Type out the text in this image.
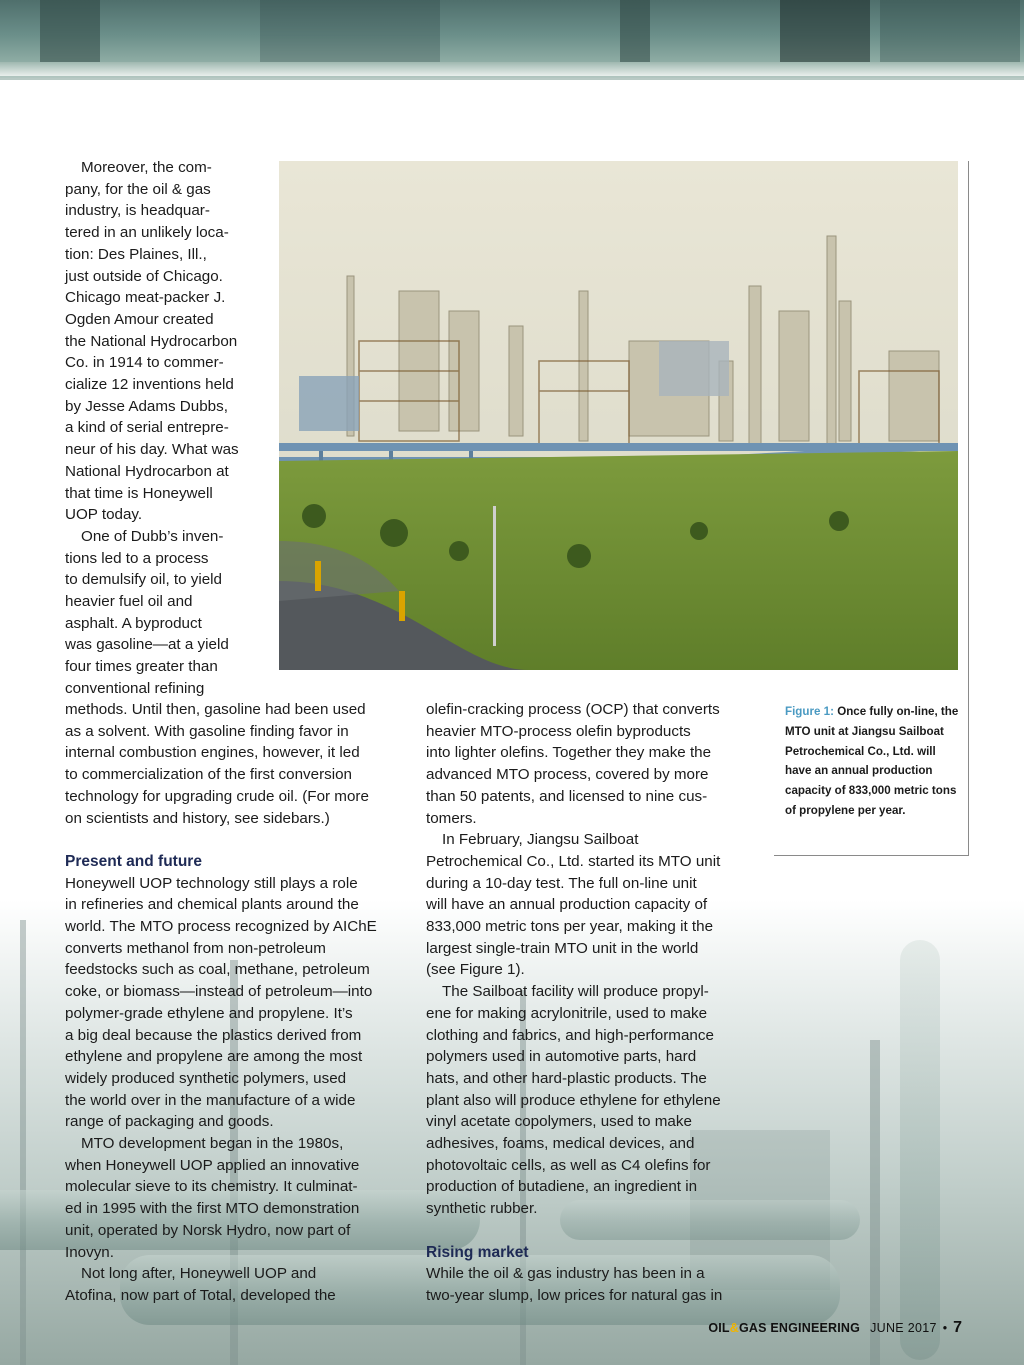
Figure 1: Once fully on-line, the MTO unit at Jiangsu Sailboat Petrochemical Co., Ltd. will have an annual production capacity of 833,000 metric tons of propylene per year.

Moreover, the com-

pany, for the oil & gas

industry, is headquar-

tered in an unlikely loca-

tion: Des Plaines, Ill.,

just outside of Chicago.

Chicago meat-packer J.

Ogden Amour created

the National Hydrocarbon

Co. in 1914 to commer-

cialize 12 inventions held

by Jesse Adams Dubbs,

a kind of serial entrepre-

neur of his day. What was

National Hydrocarbon at

that time is Honeywell

UOP today.

One of Dubb’s inven-

tions led to a process

to demulsify oil, to yield

heavier fuel oil and

asphalt. A byproduct

was gasoline—at a yield

four times greater than

conventional refining

methods. Until then, gasoline had been used

as a solvent. With gasoline finding favor in

internal combustion engines, however, it led

to commercialization of the first conversion

technology for upgrading crude oil. (For more

on scientists and history, see sidebars.)

Present and future

Honeywell UOP technology still plays a role

in refineries and chemical plants around the

world. The MTO process recognized by AIChE

converts methanol from non-petroleum

feedstocks such as coal, methane, petroleum

coke, or biomass—instead of petroleum—into

polymer-grade ethylene and propylene. It’s

a big deal because the plastics derived from

ethylene and propylene are among the most

widely produced synthetic polymers, used

the world over in the manufacture of a wide

range of packaging and goods.

MTO development began in the 1980s,

when Honeywell UOP applied an innovative

molecular sieve to its chemistry. It culminat-

ed in 1995 with the first MTO demonstration

unit, operated by Norsk Hydro, now part of

Inovyn.

Not long after, Honeywell UOP and

Atofina, now part of Total, developed the

olefin-cracking process (OCP) that converts

heavier MTO-process olefin byproducts

into lighter olefins. Together they make the

advanced MTO process, covered by more

than 50 patents, and licensed to nine cus-

tomers.

In February, Jiangsu Sailboat

Petrochemical Co., Ltd. started its MTO unit

during a 10-day test. The full on-line unit

will have an annual production capacity of

833,000 metric tons per year, making it the

largest single-train MTO unit in the world

(see Figure 1).

The Sailboat facility will produce propyl-

ene for making acrylonitrile, used to make

clothing and fabrics, and high-performance

polymers used in automotive parts, hard

hats, and other hard-plastic products. The

plant also will produce ethylene for ethylene

vinyl acetate copolymers, used to make

adhesives, foams, medical devices, and

photovoltaic cells, as well as C4 olefins for

production of butadiene, an ingredient in

synthetic rubber.

Rising market

While the oil & gas industry has been in a

two-year slump, low prices for natural gas in

OIL&GAS ENGINEERING JUNE 2017 • 7
